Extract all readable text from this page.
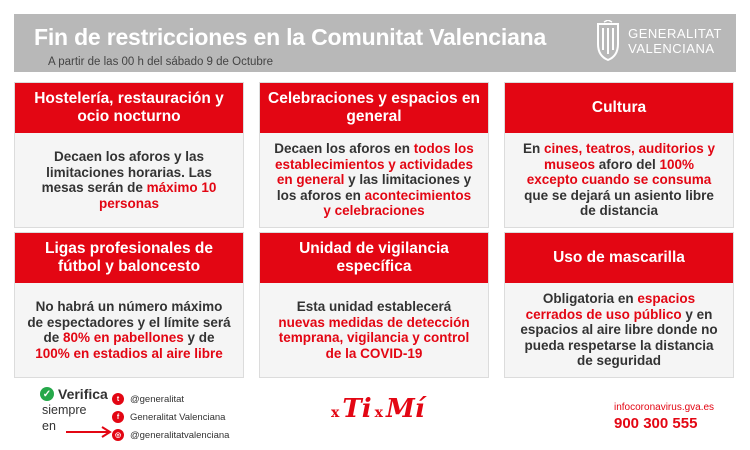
Fin de restricciones en la Comunitat Valenciana
A partir de las 00 h del sábado 9 de Octubre
GENERALITAT
VALENCIANA
Hostelería, restauración y ocio nocturno
Decaen los aforos y las limitaciones horarias. Las mesas serán de máximo 10 personas
Celebraciones y espacios en general
Decaen los aforos en todos los establecimientos y actividades en general y las limitaciones y los aforos en acontecimientos y celebraciones
Cultura
En cines, teatros, auditorios y museos aforo del 100% excepto cuando se consuma que se dejará un asiento libre de distancia
Ligas profesionales de fútbol y baloncesto
No habrá un número máximo de espectadores y el límite será de 80% en pabellones y de 100% en estadios al aire libre
Unidad de vigilancia específica
Esta unidad establecerá nuevas medidas de detección temprana, vigilancia y control de la COVID-19
Uso de mascarilla
Obligatoria en espacios cerrados de uso público y en espacios al aire libre donde no pueda respetarse la distancia de seguridad
✓ Verifica
siempre
en
t	@generalitat
f	Generalitat Valenciana
◎ @generalitatvalenciana
x Ti x Mí	infocoronavirus.gva.es
900 300 555
